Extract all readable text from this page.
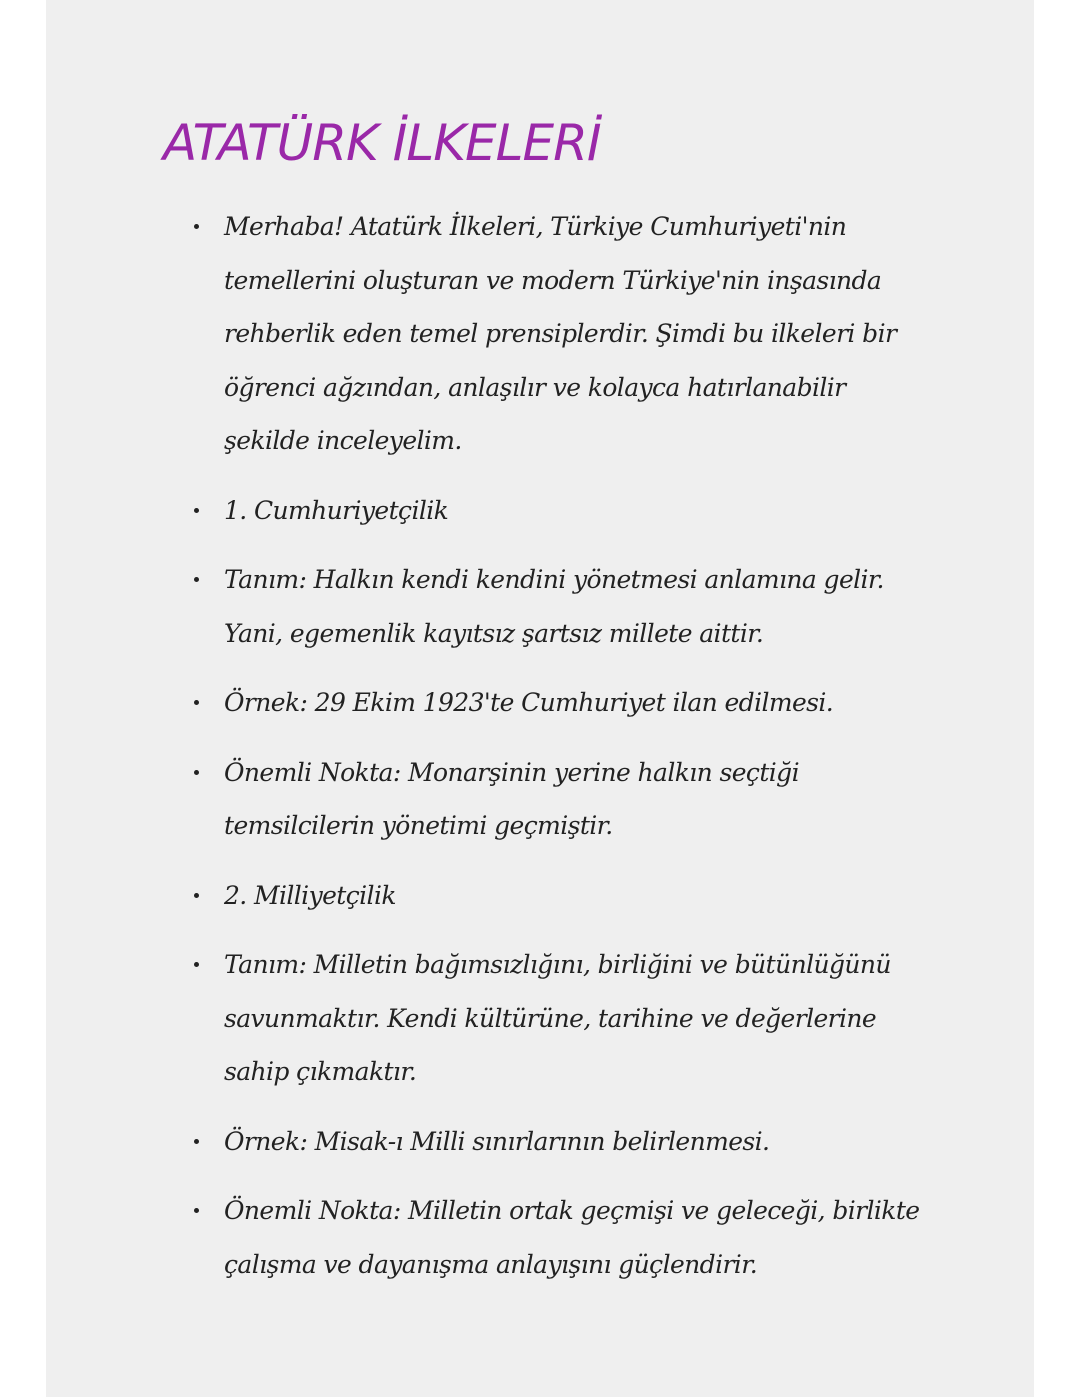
ATATÜRK İLKELERİ
Merhaba! Atatürk İlkeleri, Türkiye Cumhuriyeti'nin temellerini oluşturan ve modern Türkiye'nin inşasında rehberlik eden temel prensiplerdir. Şimdi bu ilkeleri bir öğrenci ağzından, anlaşılır ve kolayca hatırlanabilir şekilde inceleyelim.
1. Cumhuriyetçilik
Tanım: Halkın kendi kendini yönetmesi anlamına gelir. Yani, egemenlik kayıtsız şartsız millete aittir.
Örnek: 29 Ekim 1923'te Cumhuriyet ilan edilmesi.
Önemli Nokta: Monarşinin yerine halkın seçtiği temsilcilerin yönetimi geçmiştir.
2. Milliyetçilik
Tanım: Milletin bağımsızlığını, birliğini ve bütünlüğünü savunmaktır. Kendi kültürüne, tarihine ve değerlerine sahip çıkmaktır.
Örnek: Misak-ı Milli sınırlarının belirlenmesi.
Önemli Nokta: Milletin ortak geçmişi ve geleceği, birlikte çalışma ve dayanışma anlayışını güçlendirir.
